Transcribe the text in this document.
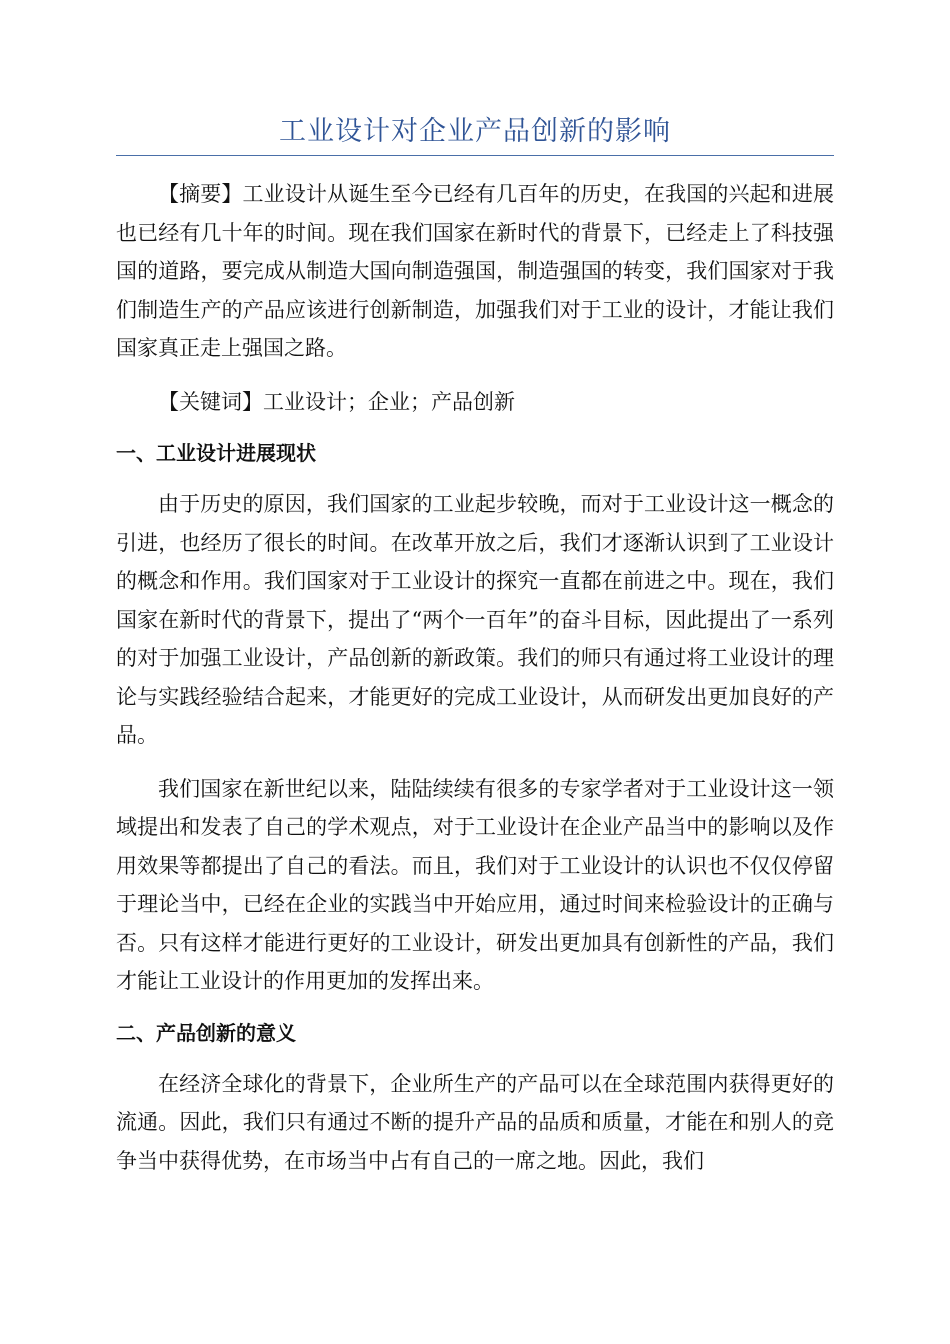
工业设计对企业产品创新的影响

【摘要】工业设计从诞生至今已经有几百年的历史，在我国的兴起和进展也已经有几十年的时间。现在我们国家在新时代的背景下，已经走上了科技强国的道路，要完成从制造大国向制造强国，制造强国的转变，我们国家对于我们制造生产的产品应该进行创新制造，加强我们对于工业的设计，才能让我们国家真正走上强国之路。

【关键词】工业设计；企业；产品创新

一、工业设计进展现状

由于历史的原因，我们国家的工业起步较晚，而对于工业设计这一概念的引进，也经历了很长的时间。在改革开放之后，我们才逐渐认识到了工业设计的概念和作用。我们国家对于工业设计的探究一直都在前进之中。现在，我们国家在新时代的背景下，提出了“两个一百年”的奋斗目标，因此提出了一系列的对于加强工业设计，产品创新的新政策。我们的师只有通过将工业设计的理论与实践经验结合起来，才能更好的完成工业设计，从而研发出更加良好的产品。

我们国家在新世纪以来，陆陆续续有很多的专家学者对于工业设计这一领域提出和发表了自己的学术观点，对于工业设计在企业产品当中的影响以及作用效果等都提出了自己的看法。而且，我们对于工业设计的认识也不仅仅停留于理论当中，已经在企业的实践当中开始应用，通过时间来检验设计的正确与否。只有这样才能进行更好的工业设计，研发出更加具有创新性的产品，我们才能让工业设计的作用更加的发挥出来。

二、产品创新的意义

在经济全球化的背景下，企业所生产的产品可以在全球范围内获得更好的流通。因此，我们只有通过不断的提升产品的品质和质量，才能在和别人的竞争当中获得优势，在市场当中占有自己的一席之地。因此，我们
